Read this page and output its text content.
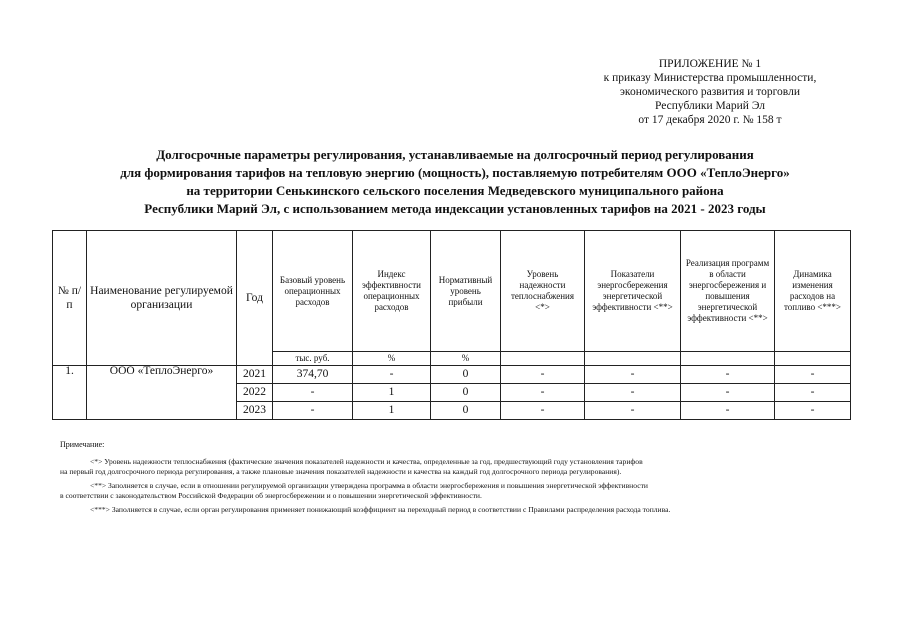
ПРИЛОЖЕНИЕ № 1
к приказу Министерства промышленности,
экономического развития и торговли
Республики Марий Эл
от 17 декабря 2020 г. № 158 т
Долгосрочные параметры регулирования, устанавливаемые на долгосрочный период регулирования
для формирования тарифов на тепловую энергию (мощность), поставляемую потребителям ООО «ТеплоЭнерго»
на территории Сенькинского сельского поселения Медведевского муниципального района
Республики Марий Эл, с использованием метода индексации установленных тарифов на 2021 - 2023 годы
№ п/п	Наименование регулируемой организации	Год	Базовый уровень операционных расходов	Индекс эффективности операционных расходов	Нормативный уровень прибыли	Уровень надежности теплоснабжения <*>	Показатели энергосбережения энергетической эффективности <**>	Реализация программ в области энергосбережения и повышения энергетической эффективности <**>	Динамика изменения расходов на топливо <***>
			тыс. руб.	%	%				
1.	ООО «ТеплоЭнерго»	2021	374,70	-	0	-	-	-	-
		2022	-	1	0	-	-	-	-
		2023	-	1	0	-	-	-	-

Примечание:

<*> Уровень надежности теплоснабжения (фактические значения показателей надежности и качества, определенные за год, предшествующий году установления тарифов
на первый год долгосрочного периода регулирования, а также плановые значения показателей надежности и качества на каждый год долгосрочного периода регулирования).

<**> Заполняется в случае, если в отношении регулируемой организации утверждена программа в области энергосбережения и повышения энергетической эффективности
в соответствии с законодательством Российской Федерации об энергосбережении и о повышении энергетической эффективности.

<***> Заполняется в случае, если орган регулирования применяет понижающий коэффициент на переходный период в соответствии с Правилами распределения расхода топлива.
